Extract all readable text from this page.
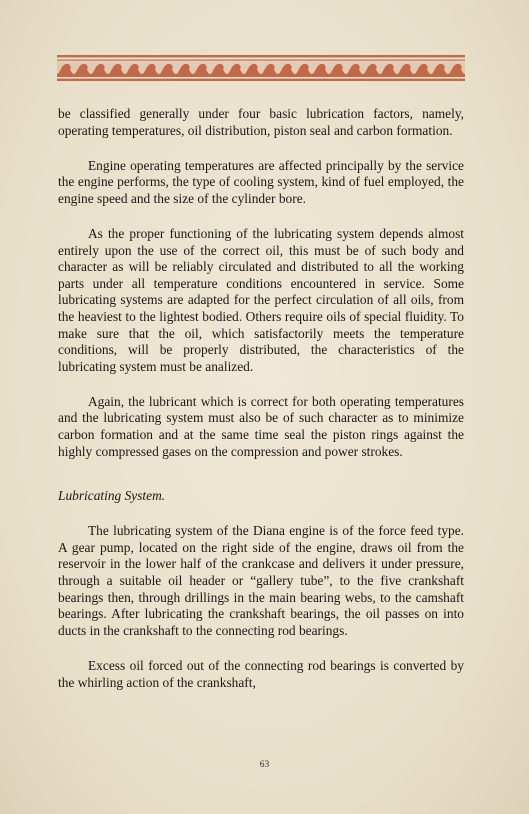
be classified generally under four basic lubrication factors, namely, operating temperatures, oil distribution, piston seal and carbon formation.

Engine operating temperatures are affected principally by the service the engine performs, the type of cooling system, kind of fuel employed, the engine speed and the size of the cylinder bore.

As the proper functioning of the lubricating system depends almost entirely upon the use of the correct oil, this must be of such body and character as will be reliably circulated and distributed to all the working parts under all temperature conditions encountered in service. Some lubricating systems are adapted for the perfect circulation of all oils, from the heaviest to the lightest bodied. Others require oils of special fluidity. To make sure that the oil, which satisfactorily meets the temperature conditions, will be properly distributed, the characteristics of the lubricating system must be analized.

Again, the lubricant which is correct for both operating temperatures and the lubricating system must also be of such character as to minimize carbon formation and at the same time seal the piston rings against the highly compressed gases on the compression and power strokes.

Lubricating System.

The lubricating system of the Diana engine is of the force feed type. A gear pump, located on the right side of the engine, draws oil from the reservoir in the lower half of the crankcase and delivers it under pressure, through a suitable oil header or “gallery tube”, to the five crankshaft bearings then, through drillings in the main bearing webs, to the camshaft bearings. After lubricating the crankshaft bearings, the oil passes on into ducts in the crankshaft to the connecting rod bearings.

Excess oil forced out of the connecting rod bearings is converted by the whirling action of the crankshaft,

63
